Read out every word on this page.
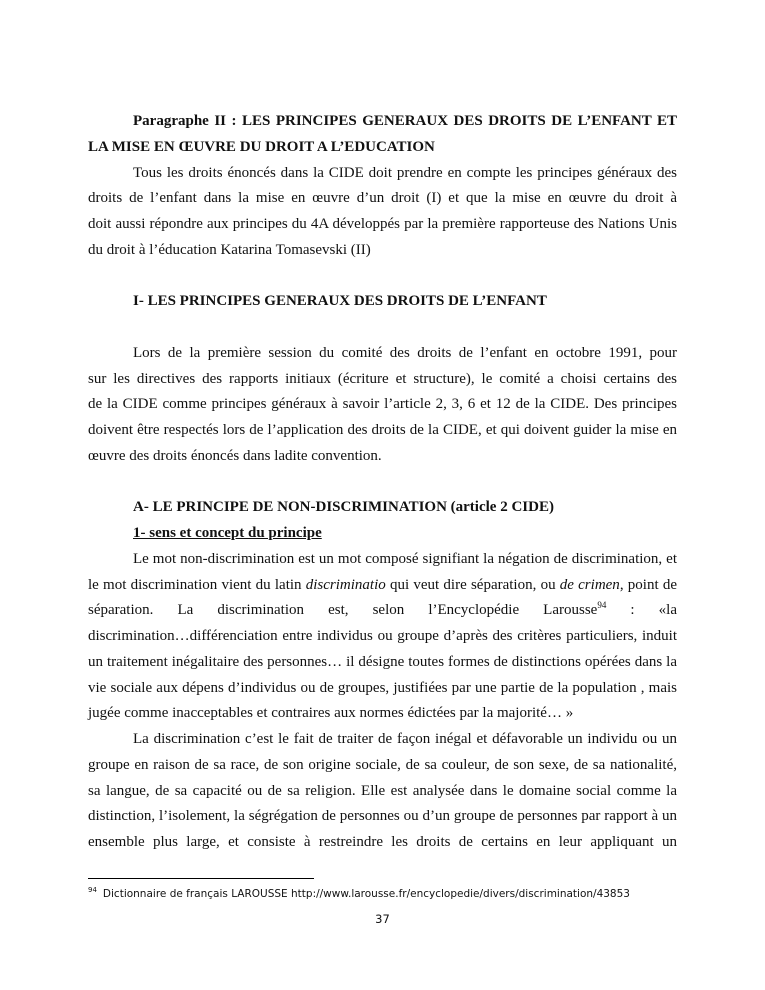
Paragraphe II : LES PRINCIPES GENERAUX DES DROITS DE L’ENFANT ET
LA MISE EN ŒUVRE DU DROIT A L’EDUCATION
Tous les droits énoncés dans la CIDE doit prendre en compte les principes généraux des
droits de l’enfant dans la mise en œuvre d’un droit (I) et que la mise en œuvre du droit à
doit aussi répondre aux principes du 4A développés par la première rapporteuse des Nations Unis
du droit à l’éducation Katarina Tomasevski (II)
I- LES PRINCIPES GENERAUX DES DROITS DE L’ENFANT
Lors de la première session du comité des droits de l’enfant en octobre 1991, pour
sur les directives des rapports initiaux (écriture et structure), le comité a choisi certains des
de la CIDE comme principes généraux à savoir l’article 2, 3, 6 et 12 de la CIDE. Des principes
doivent être respectés lors de l’application des droits de la CIDE, et qui doivent guider la mise en
œuvre des droits énoncés dans ladite convention.
A- LE PRINCIPE DE NON-DISCRIMINATION (article 2 CIDE)
1- sens et concept du principe
Le mot non-discrimination est un mot composé signifiant la négation de discrimination, et
le mot discrimination vient du latin discriminatio qui veut dire séparation, ou de crimen, point de
séparation. La discrimination est, selon l’Encyclopédie Larousse$^{94}$ : «la
discrimination…différenciation entre individus ou groupe d’après des critères particuliers, induit
un traitement inégalitaire des personnes… il désigne toutes formes de distinctions opérées dans la
vie sociale aux dépens d’individus ou de groupes, justifiées par une partie de la population , mais
jugée comme inacceptables et contraires aux normes édictées par la majorité… »
La discrimination c’est le fait de traiter de façon inégal et défavorable un individu ou un
groupe en raison de sa race, de son origine sociale, de sa couleur, de son sexe, de sa nationalité,
sa langue, de sa capacité ou de sa religion. Elle est analysée dans le domaine social comme la
distinction, l’isolement, la ségrégation de personnes ou d’un groupe de personnes par rapport à un
ensemble plus large, et consiste à restreindre les droits de certains en leur appliquant un
$^{94}$ Dictionnaire de français LAROUSSE http://www.larousse.fr/encyclopedie/divers/discrimination/43853
37
